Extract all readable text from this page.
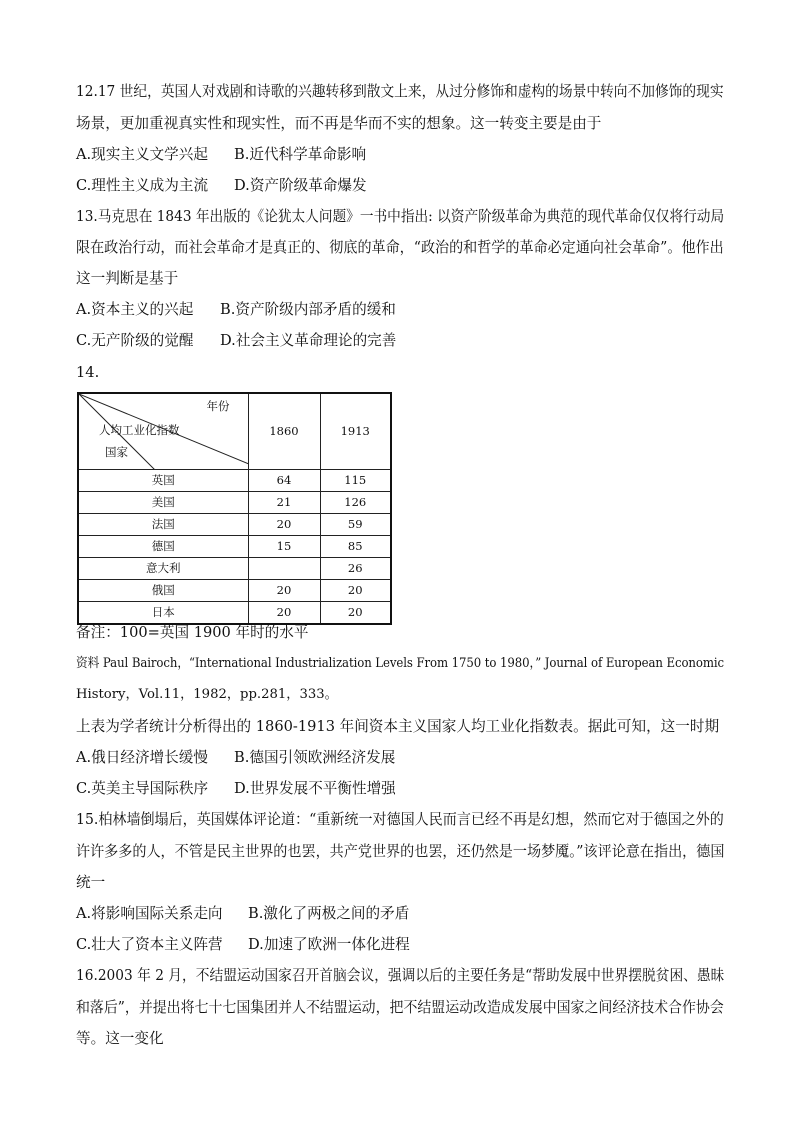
12.17 世纪，英国人对戏剧和诗歌的兴趣转移到散文上来，从过分修饰和虚构的场景中转向不加修饰的现实
场景，更加重视真实性和现实性，而不再是华而不实的想象。这一转变主要是由于
A.现实主义文学兴起 B.近代科学革命影响
C.理性主义成为主流 D.资产阶级革命爆发
13.马克思在 1843 年出版的《论犹太人问题》一书中指出: 以资产阶级革命为典范的现代革命仅仅将行动局
限在政治行动，而社会革命才是真正的、彻底的革命，“政治的和哲学的革命必定通向社会革命”。他作出
这一判断是基于
A.资本主义的兴起 B.资产阶级内部矛盾的缓和
C.无产阶级的觉醒 D.社会主义革命理论的完善
14.
年份
人均工业化指数
国家	1860	1913
英国	64	115
美国	21	126
法国	20	59
德国	15	85
意大利		26
俄国	20	20
日本	20	20
备注：100=英国 1900 年时的水平
资料 Paul Bairoch，“International Industrialization Levels From 1750 to 1980，” Journal of European Economic
History，Vol.11，1982，pp.281，333。
上表为学者统计分析得出的 1860-1913 年间资本主义国家人均工业化指数表。据此可知，这一时期
A.俄日经济增长缓慢 B.德国引领欧洲经济发展
C.英美主导国际秩序 D.世界发展不平衡性增强
15.柏林墙倒塌后，英国媒体评论道：“重新统一对德国人民而言已经不再是幻想，然而它对于德国之外的
许许多多的人，不管是民主世界的也罢，共产党世界的也罢，还仍然是一场梦魇。”该评论意在指出，德国
统一
A.将影响国际关系走向 B.激化了两极之间的矛盾
C.壮大了资本主义阵营 D.加速了欧洲一体化进程
16.2003 年 2 月，不结盟运动国家召开首脑会议，强调以后的主要任务是“帮助发展中世界摆脱贫困、愚昧
和落后”，并提出将七十七国集团并人不结盟运动，把不结盟运动改造成发展中国家之间经济技术合作协会
等。这一变化
